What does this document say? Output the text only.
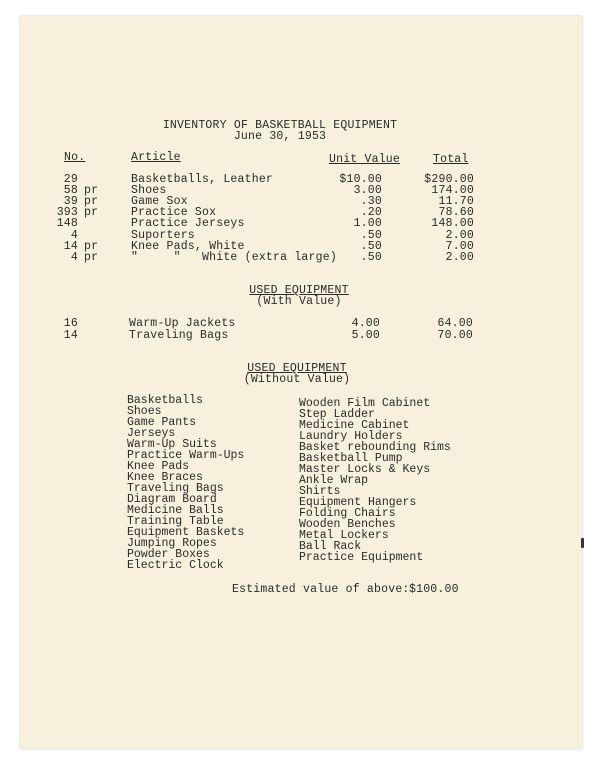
INVENTORY OF BASKETBALL EQUIPMENT
June 30, 1953
No.	Article	Unit Value	Total
29	Basketballs, Leather	$10.00	$290.00
58 pr	Shoes	3.00	174.00
39 pr	Game Sox	.30	11.70
393 pr	Practice Sox	.20	78.60
148	Practice Jerseys	1.00	148.00
4	Suporters	.50	2.00
14 pr	Knee Pads, White	.50	7.00
4 pr	"     "   White (extra large)	.50	2.00
USED EQUIPMENT
(With Value)
16	Warm-Up Jackets	4.00	64.00
14	Traveling Bags	5.00	70.00
USED EQUIPMENT
(Without Value)
Basketballs
Shoes
Game Pants
Jerseys
Warm-Up Suits
Practice Warm-Ups
Knee Pads
Knee Braces
Traveling Bags
Diagram Board
Medicine Balls
Training Table
Equipment Baskets
Jumping Ropes
Powder Boxes
Electric Clock
Wooden Film Cabinet
Step Ladder
Medicine Cabinet
Laundry Holders
Basket rebounding Rims
Basketball Pump
Master Locks & Keys
Ankle Wrap
Shirts
Equipment Hangers
Folding Chairs
Wooden Benches
Metal Lockers
Ball Rack
Practice Equipment
Estimated value of above: $100.00
